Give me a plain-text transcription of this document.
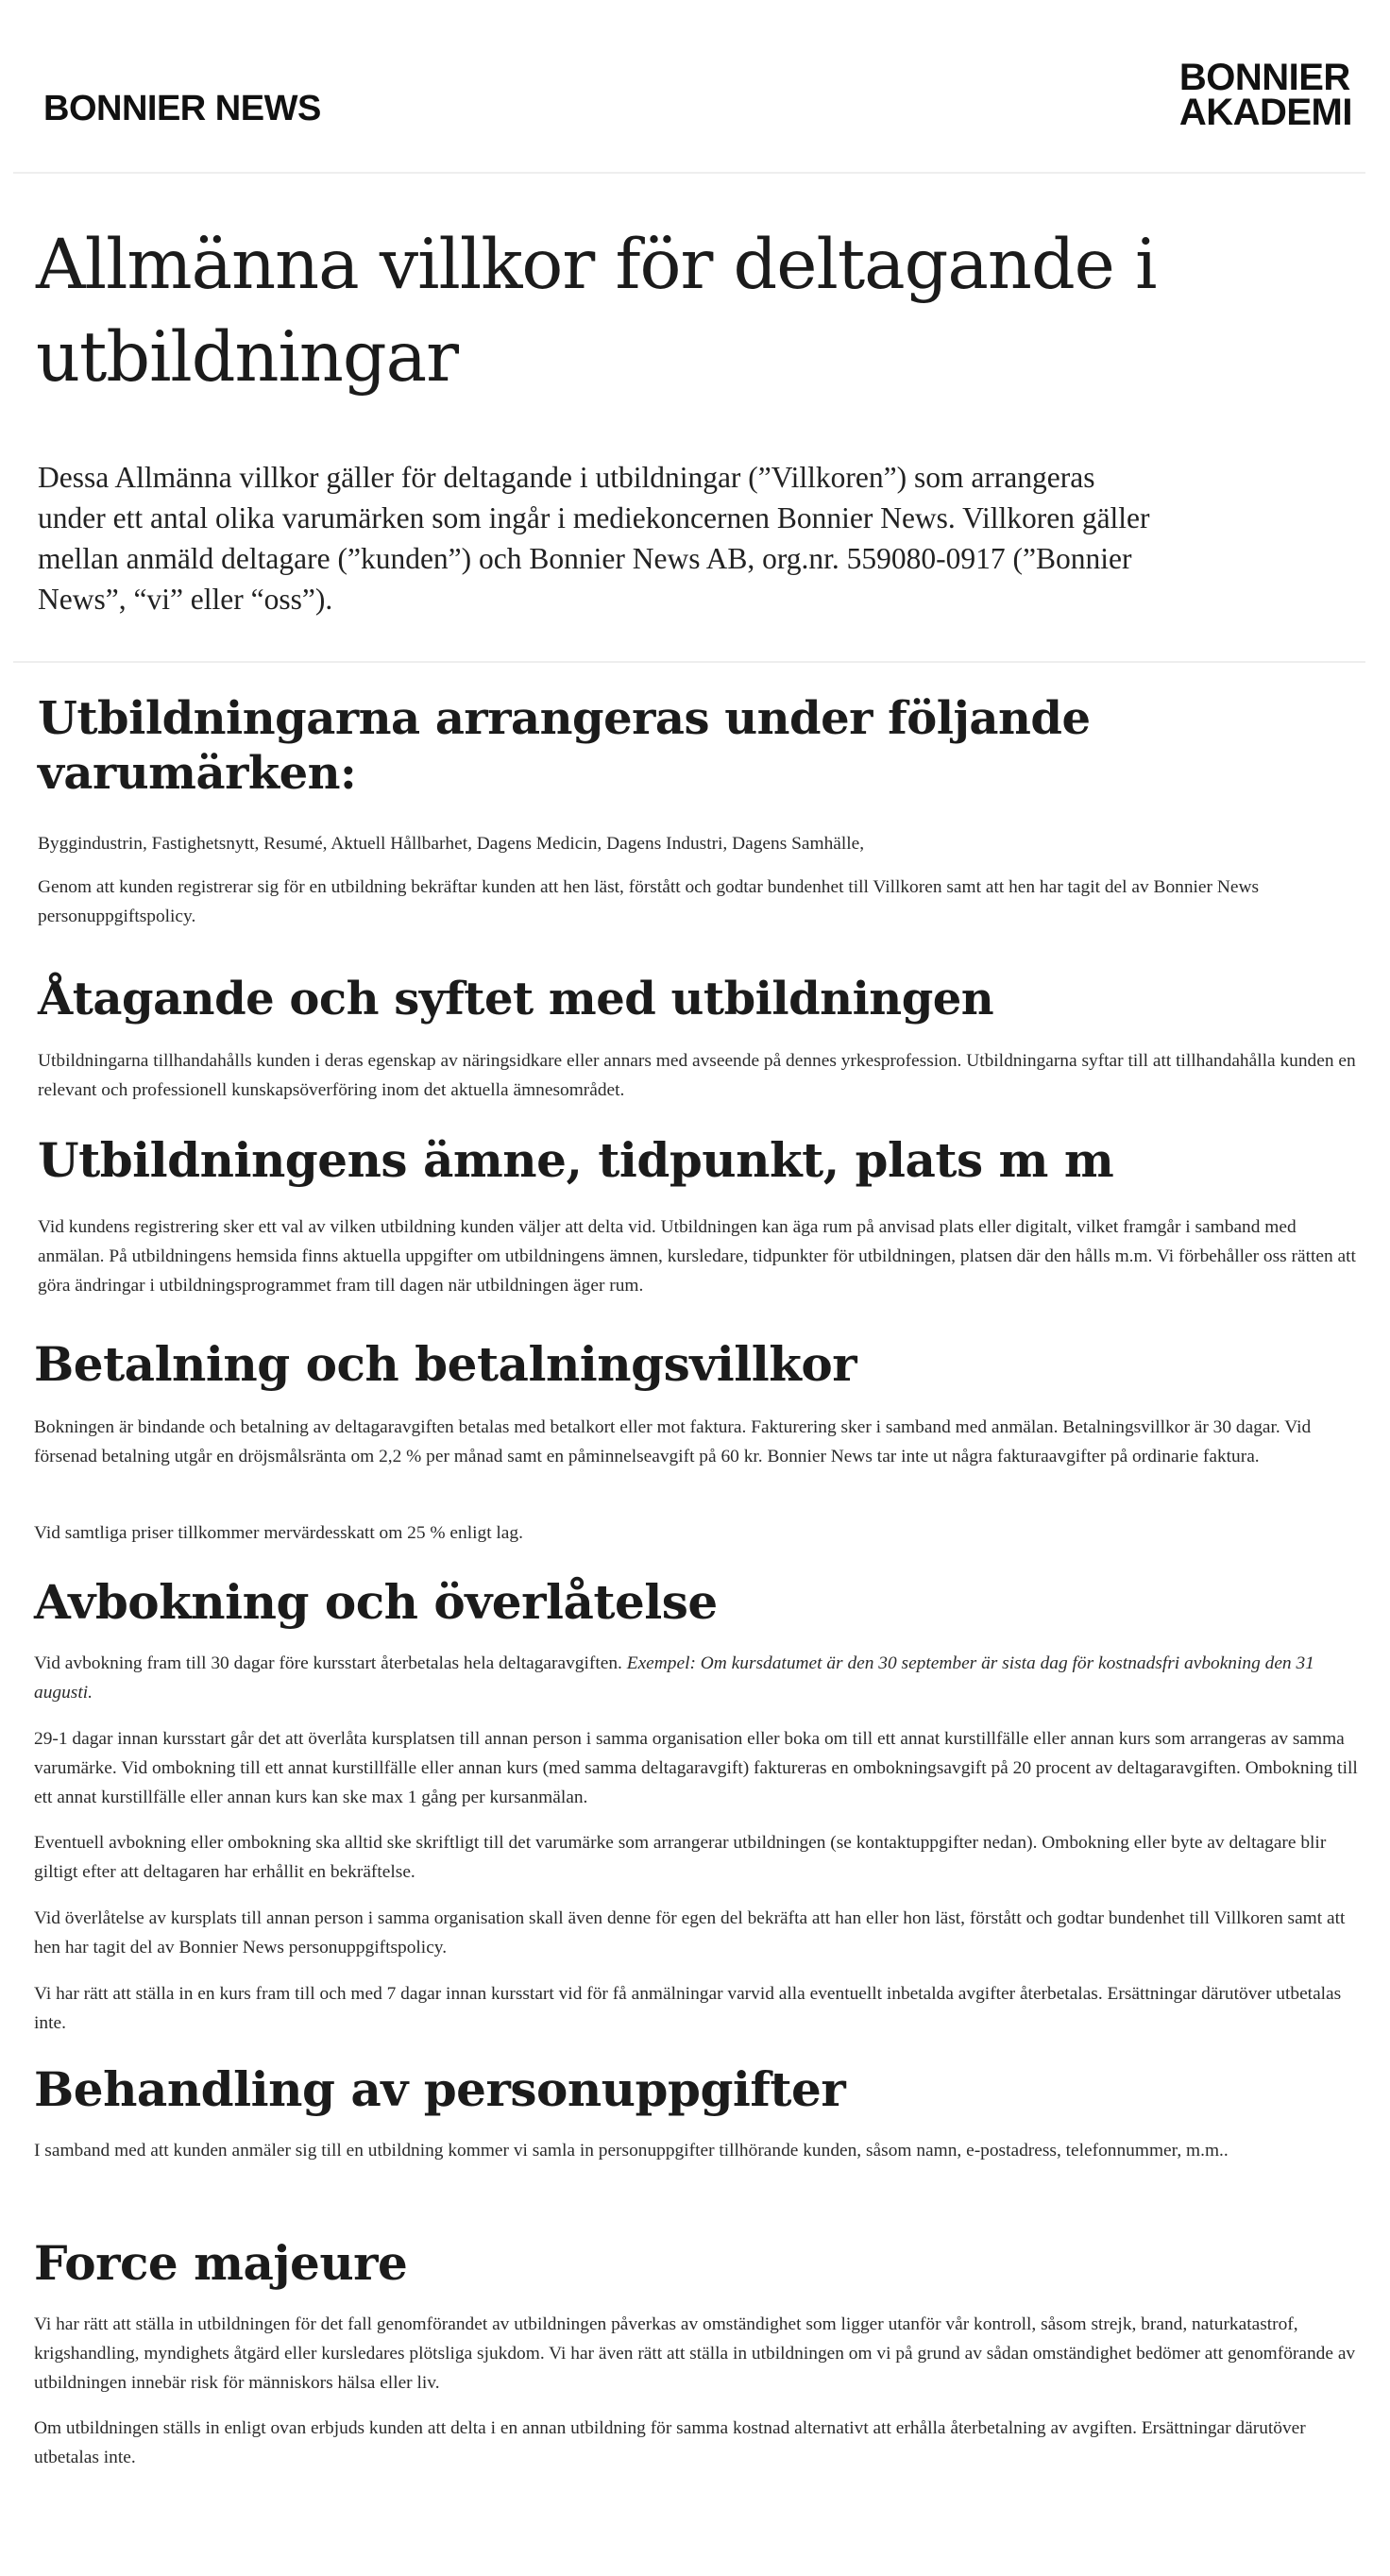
BONNIER NEWS
BONNIER
AKADEMI
Allmänna villkor för deltagande i utbildningar

Dessa Allmänna villkor gäller för deltagande i utbildningar (”Villkoren”) som arrangeras under ett antal olika varumärken som ingår i mediekoncernen Bonnier News. Villkoren gäller mellan anmäld deltagare (”kunden”) och Bonnier News AB, org.nr. 559080-0917 (”Bonnier News”, “vi” eller “oss”).

Utbildningarna arrangeras under följande varumärken:

Byggindustrin, Fastighetsnytt, Resumé, Aktuell Hållbarhet, Dagens Medicin, Dagens Industri, Dagens Samhälle,

Genom att kunden registrerar sig för en utbildning bekräftar kunden att hen läst, förstått och godtar bundenhet till Villkoren samt att hen har tagit del av Bonnier News personuppgiftspolicy.

Åtagande och syftet med utbildningen

Utbildningarna tillhandahålls kunden i deras egenskap av näringsidkare eller annars med avseende på dennes yrkesprofession. Utbildningarna syftar till att tillhandahålla kunden en relevant och professionell kunskapsöverföring inom det aktuella ämnesområdet.

Utbildningens ämne, tidpunkt, plats m m

Vid kundens registrering sker ett val av vilken utbildning kunden väljer att delta vid. Utbildningen kan äga rum på anvisad plats eller digitalt, vilket framgår i samband med anmälan. På utbildningens hemsida finns aktuella uppgifter om utbildningens ämnen, kursledare, tidpunkter för utbildningen, platsen där den hålls m.m. Vi förbehåller oss rätten att göra ändringar i utbildningsprogrammet fram till dagen när utbildningen äger rum.

Betalning och betalningsvillkor

Bokningen är bindande och betalning av deltagaravgiften betalas med betalkort eller mot faktura. Fakturering sker i samband med anmälan. Betalningsvillkor är 30 dagar. Vid försenad betalning utgår en dröjsmålsränta om 2,2 % per månad samt en påminnelseavgift på 60 kr. Bonnier News tar inte ut några fakturaavgifter på ordinarie faktura.

Vid samtliga priser tillkommer mervärdesskatt om 25 % enligt lag.

Avbokning och överlåtelse

Vid avbokning fram till 30 dagar före kursstart återbetalas hela deltagaravgiften. Exempel: Om kursdatumet är den 30 september är sista dag för kostnadsfri avbokning den 31 augusti.

29-1 dagar innan kursstart går det att överlåta kursplatsen till annan person i samma organisation eller boka om till ett annat kurstillfälle eller annan kurs som arrangeras av samma varumärke. Vid ombokning till ett annat kurstillfälle eller annan kurs (med samma deltagaravgift) faktureras en ombokningsavgift på 20 procent av deltagaravgiften. Ombokning till ett annat kurstillfälle eller annan kurs kan ske max 1 gång per kursanmälan.

Eventuell avbokning eller ombokning ska alltid ske skriftligt till det varumärke som arrangerar utbildningen (se kontaktuppgifter nedan). Ombokning eller byte av deltagare blir giltigt efter att deltagaren har erhållit en bekräftelse.

Vid överlåtelse av kursplats till annan person i samma organisation skall även denne för egen del bekräfta att han eller hon läst, förstått och godtar bundenhet till Villkoren samt att hen har tagit del av Bonnier News personuppgiftspolicy.

Vi har rätt att ställa in en kurs fram till och med 7 dagar innan kursstart vid för få anmälningar varvid alla eventuellt inbetalda avgifter återbetalas. Ersättningar därutöver utbetalas inte.

Behandling av personuppgifter

I samband med att kunden anmäler sig till en utbildning kommer vi samla in personuppgifter tillhörande kunden, såsom namn, e-postadress, telefonnummer, m.m..

Force majeure

Vi har rätt att ställa in utbildningen för det fall genomförandet av utbildningen påverkas av omständighet som ligger utanför vår kontroll, såsom strejk, brand, naturkatastrof, krigshandling, myndighets åtgärd eller kursledares plötsliga sjukdom. Vi har även rätt att ställa in utbildningen om vi på grund av sådan omständighet bedömer att genomförande av utbildningen innebär risk för människors hälsa eller liv.

Om utbildningen ställs in enligt ovan erbjuds kunden att delta i en annan utbildning för samma kostnad alternativt att erhålla återbetalning av avgiften. Ersättningar därutöver utbetalas inte.
